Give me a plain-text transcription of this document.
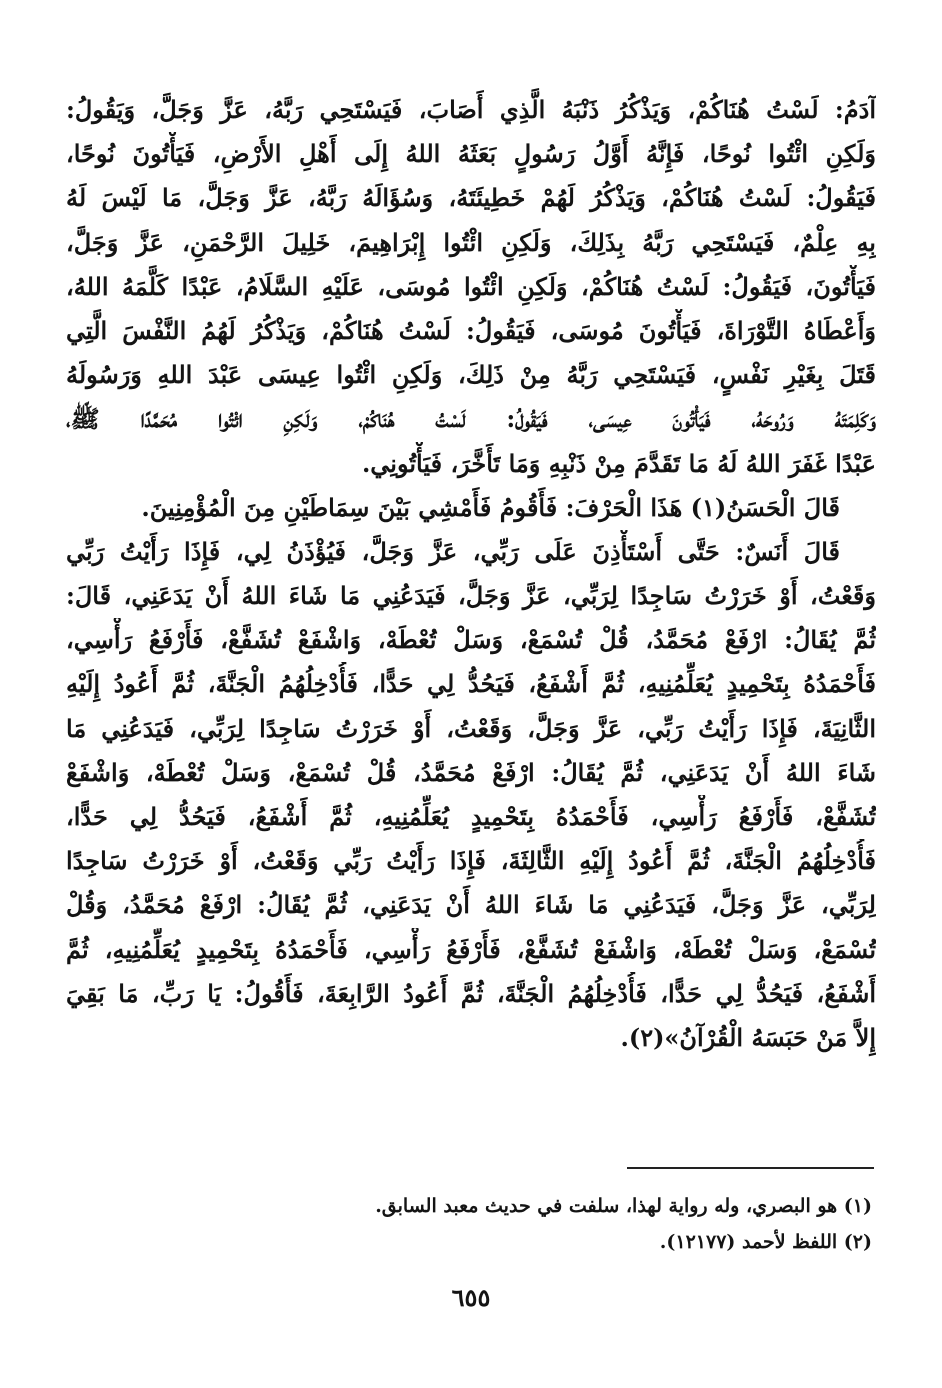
آدَمُ: لَسْتُ هُنَاكُمْ، وَيَذْكُرُ ذَنْبَهُ الَّذِي أَصَابَ، فَيَسْتَحِي رَبَّهُ، عَزَّ وَجَلَّ، وَيَقُولُ:
وَلَكِنِ ائْتُوا نُوحًا، فَإِنَّهُ أَوَّلُ رَسُولٍ بَعَثَهُ اللهُ إِلَى أَهْلِ الأَرْضِ، فَيَأْتُونَ نُوحًا،
فَيَقُولُ: لَسْتُ هُنَاكُمْ، وَيَذْكُرُ لَهُمْ خَطِيئَتَهُ، وَسُؤَالَهُ رَبَّهُ، عَزَّ وَجَلَّ، مَا لَيْسَ لَهُ
بِهِ عِلْمٌ، فَيَسْتَحِي رَبَّهُ بِذَلِكَ، وَلَكِنِ ائْتُوا إِبْرَاهِيمَ، خَلِيلَ الرَّحْمَنِ، عَزَّ وَجَلَّ،
فَيَأْتُونَ، فَيَقُولُ: لَسْتُ هُنَاكُمْ، وَلَكِنِ ائْتُوا مُوسَى، عَلَيْهِ السَّلَامُ، عَبْدًا كَلَّمَهُ اللهُ،
وَأَعْطَاهُ التَّوْرَاةَ، فَيَأْتُونَ مُوسَى، فَيَقُولُ: لَسْتُ هُنَاكُمْ، وَيَذْكُرُ لَهُمُ النَّفْسَ الَّتِي
قَتَلَ بِغَيْرِ نَفْسٍ، فَيَسْتَحِي رَبَّهُ مِنْ ذَلِكَ، وَلَكِنِ ائْتُوا عِيسَى عَبْدَ اللهِ وَرَسُولَهُ
وَكَلِمَتَهُ وَرُوحَهُ، فَيَأْتُونَ عِيسَى، فَيَقُولُ: لَسْتُ هُنَاكُمْ، وَلَكِنِ ائْتُوا مُحَمَّدًا ﷺ،
عَبْدًا غَفَرَ اللهُ لَهُ مَا تَقَدَّمَ مِنْ ذَنْبِهِ وَمَا تَأَخَّرَ، فَيَأْتُونِي.
قَالَ الْحَسَنُ(١) هَذَا الْحَرْفَ: فَأَقُومُ فَأَمْشِي بَيْنَ سِمَاطَيْنِ مِنَ الْمُؤْمِنِينَ.
قَالَ أَنَسٌ: حَتَّى أَسْتَأْذِنَ عَلَى رَبِّي، عَزَّ وَجَلَّ، فَيُؤْذَنُ لِي، فَإِذَا رَأَيْتُ رَبِّي
وَقَعْتُ، أَوْ خَرَرْتُ سَاجِدًا لِرَبِّي، عَزَّ وَجَلَّ، فَيَدَعُنِي مَا شَاءَ اللهُ أَنْ يَدَعَنِي، قَالَ:
ثُمَّ يُقَالُ: ارْفَعْ مُحَمَّدُ، قُلْ تُسْمَعْ، وَسَلْ تُعْطَهْ، وَاشْفَعْ تُشَفَّعْ، فَأَرْفَعُ رَأْسِي،
فَأَحْمَدُهُ بِتَحْمِيدٍ يُعَلِّمُنِيهِ، ثُمَّ أَشْفَعُ، فَيَحُدُّ لِي حَدًّا، فَأُدْخِلُهُمُ الْجَنَّةَ، ثُمَّ أَعُودُ إِلَيْهِ
الثَّانِيَةَ، فَإِذَا رَأَيْتُ رَبِّي، عَزَّ وَجَلَّ، وَقَعْتُ، أَوْ خَرَرْتُ سَاجِدًا لِرَبِّي، فَيَدَعُنِي مَا
شَاءَ اللهُ أَنْ يَدَعَنِي، ثُمَّ يُقَالُ: ارْفَعْ مُحَمَّدُ، قُلْ تُسْمَعْ، وَسَلْ تُعْطَهْ، وَاشْفَعْ
تُشَفَّعْ، فَأَرْفَعُ رَأْسِي، فَأَحْمَدُهُ بِتَحْمِيدٍ يُعَلِّمُنِيهِ، ثُمَّ أَشْفَعُ، فَيَحُدُّ لِي حَدًّا،
فَأُدْخِلُهُمُ الْجَنَّةَ، ثُمَّ أَعُودُ إِلَيْهِ الثَّالِثَةَ، فَإِذَا رَأَيْتُ رَبِّي وَقَعْتُ، أَوْ خَرَرْتُ سَاجِدًا
لِرَبِّي، عَزَّ وَجَلَّ، فَيَدَعُنِي مَا شَاءَ اللهُ أَنْ يَدَعَنِي، ثُمَّ يُقَالُ: ارْفَعْ مُحَمَّدُ، وَقُلْ
تُسْمَعْ، وَسَلْ تُعْطَهْ، وَاشْفَعْ تُشَفَّعْ، فَأَرْفَعُ رَأْسِي، فَأَحْمَدُهُ بِتَحْمِيدٍ يُعَلِّمُنِيهِ، ثُمَّ
أَشْفَعُ، فَيَحُدُّ لِي حَدًّا، فَأُدْخِلُهُمُ الْجَنَّةَ، ثُمَّ أَعُودُ الرَّابِعَةَ، فَأَقُولُ: يَا رَبِّ، مَا بَقِيَ
إِلاَّ مَنْ حَبَسَهُ الْقُرْآنُ»(٢).
(١) هو البصري، وله رواية لهذا، سلفت في حديث معبد السابق.
(٢) اللفظ لأحمد (١٢١٧٧).
٦٥٥
